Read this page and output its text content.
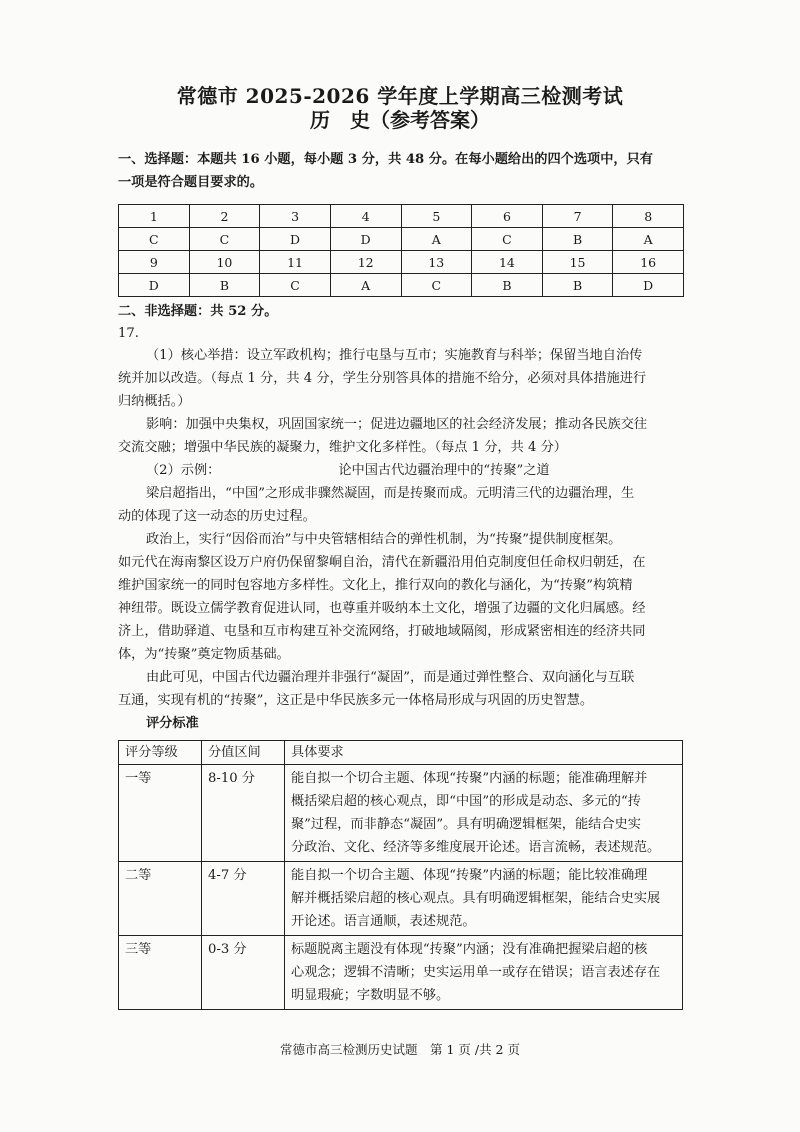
常德市 2025-2026 学年度上学期高三检测考试
历　史（参考答案）
一、选择题：本题共 16 小题，每小题 3 分，共 48 分。在每小题给出的四个选项中，只有
一项是符合题目要求的。
1	2	3	4	5	6	7	8
C	C	D	D	A	C	B	A
9	10	11	12	13	14	15	16
D	B	C	A	C	B	B	D
二、非选择题：共 52 分。
17.
（1）核心举措：设立军政机构；推行屯垦与互市；实施教育与科举；保留当地自治传
统并加以改造。（每点 1 分，共 4 分，学生分别答具体的措施不给分，必须对具体措施进行
归纳概括。）
影响：加强中央集权，巩固国家统一；促进边疆地区的社会经济发展；推动各民族交往
交流交融；增强中华民族的凝聚力，维护文化多样性。（每点 1 分，共 4 分）
（2）示例：	论中国古代边疆治理中的“抟聚”之道
梁启超指出，“中国”之形成非骤然凝固，而是抟聚而成。元明清三代的边疆治理，生
动的体现了这一动态的历史过程。
政治上，实行“因俗而治”与中央管辖相结合的弹性机制，为“抟聚”提供制度框架。
如元代在海南黎区设万户府仍保留黎峒自治，清代在新疆沿用伯克制度但任命权归朝廷，在
维护国家统一的同时包容地方多样性。文化上，推行双向的教化与涵化，为“抟聚”构筑精
神纽带。既设立儒学教育促进认同，也尊重并吸纳本土文化，增强了边疆的文化归属感。经
济上，借助驿道、屯垦和互市构建互补交流网络，打破地域隔阂，形成紧密相连的经济共同
体，为“抟聚”奠定物质基础。
由此可见，中国古代边疆治理并非强行“凝固”，而是通过弹性整合、双向涵化与互联
互通，实现有机的“抟聚”，这正是中华民族多元一体格局形成与巩固的历史智慧。
评分标准
评分等级	分值区间	具体要求
一等	8-10 分	能自拟一个切合主题、体现“抟聚”内涵的标题；能准确理解并
概括梁启超的核心观点，即“中国”的形成是动态、多元的“抟
聚”过程，而非静态“凝固”。具有明确逻辑框架，能结合史实
分政治、文化、经济等多维度展开论述。语言流畅，表述规范。

二等	4-7 分	能自拟一个切合主题、体现“抟聚”内涵的标题；能比较准确理
解并概括梁启超的核心观点。具有明确逻辑框架，能结合史实展
开论述。语言通顺，表述规范。

三等	0-3 分	标题脱离主题没有体现“抟聚”内涵；没有准确把握梁启超的核
心观念；逻辑不清晰；史实运用单一或存在错误；语言表述存在
明显瑕疵；字数明显不够。
常德市高三检测历史试题　第 1 页 /共 2 页
